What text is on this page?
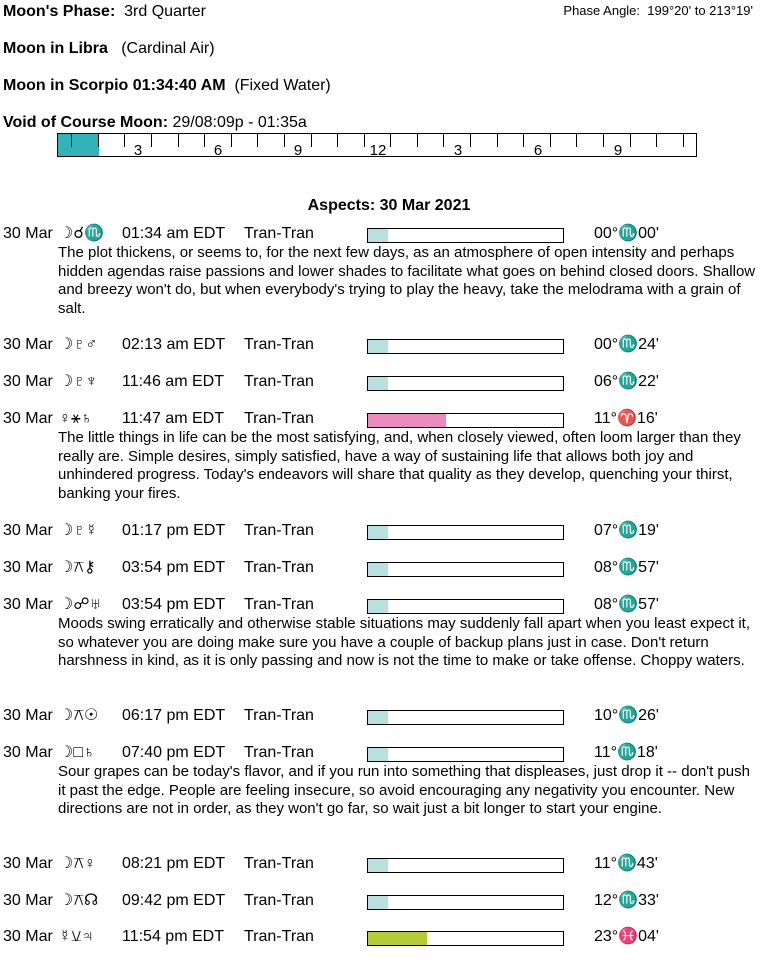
Moon's Phase: 3rd Quarter	Phase Angle: 199°20' to 213°19'
Moon in Libra (Cardinal Air)
Moon in Scorpio 01:34:40 AM (Fixed Water)
Void of Course Moon: 29/08:09p - 01:35a
3	6	9	12	3	6	9
Aspects: 30 Mar 2021
30 Mar ☽☌♏ 01:34 am EDT Tran-Tran	00°♏00'
The plot thickens, or seems to, for the next few days, as an atmosphere of open intensity and perhaps hidden agendas raise passions and lower shades to facilitate what goes on behind closed doors. Shallow and breezy won't do, but when everybody's trying to play the heavy, take the melodrama with a grain of salt.
30 Mar ☽♇♂ 02:13 am EDT Tran-Tran	00°♏24'
30 Mar ☽♇♆ 11:46 am EDT Tran-Tran	06°♏22'
30 Mar ♀⚹♄ 11:47 am EDT Tran-Tran	11°♈16'
The little things in life can be the most satisfying, and, when closely viewed, often loom larger than they really are. Simple desires, simply satisfied, have a way of sustaining life that allows both joy and unhindered progress. Today's endeavors will share that quality as they develop, quenching your thirst, banking your fires.
30 Mar ☽♇☿ 01:17 pm EDT Tran-Tran	07°♏19'
30 Mar ☽⚻⚷ 03:54 pm EDT Tran-Tran	08°♏57'
30 Mar ☽☍♅ 03:54 pm EDT Tran-Tran	08°♏57'
Moods swing erratically and otherwise stable situations may suddenly fall apart when you least expect it, so whatever you are doing make sure you have a couple of backup plans just in case. Don't return harshness in kind, as it is only passing and now is not the time to make or take offense. Choppy waters.
30 Mar ☽⚻☉ 06:17 pm EDT Tran-Tran	10°♏26'
30 Mar ☽□♄ 07:40 pm EDT Tran-Tran	11°♏18'
Sour grapes can be today's flavor, and if you run into something that displeases, just drop it -- don't push it past the edge. People are feeling insecure, so avoid encouraging any negativity you encounter. New directions are not in order, as they won't go far, so wait just a bit longer to start your engine.
30 Mar ☽⚻♀ 08:21 pm EDT Tran-Tran	11°♏43'
30 Mar ☽⚻☊ 09:42 pm EDT Tran-Tran	12°♏33'
30 Mar ☿⚺♃ 11:54 pm EDT Tran-Tran	23°♓04'
